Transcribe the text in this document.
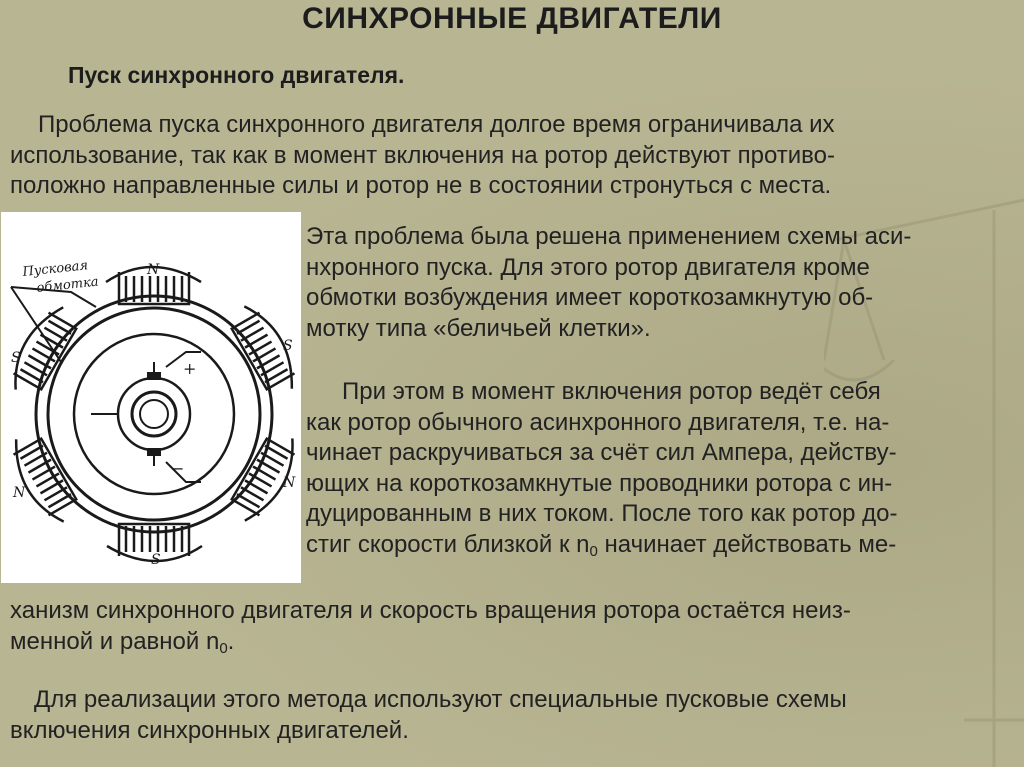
СИНХРОННЫЕ ДВИГАТЕЛИ
Пуск синхронного двигателя.
Проблема пуска синхронного двигателя долгое время ограничивала их
использование, так как в момент включения на ротор действуют противо-
положно направленные силы и ротор не в состоянии стронуться с места.
Пусковая
обмотка
N
S
S
N
N
S
+
−
Эта проблема была решена применением схемы аси-
нхронного пуска. Для этого ротор двигателя кроме
обмотки возбуждения имеет короткозамкнутую об-
мотку типа «беличьей клетки».
При этом в момент включения ротор ведёт себя
как ротор обычного асинхронного двигателя, т.е. на-
чинает раскручиваться за счёт сил Ампера, действу-
ющих на короткозамкнутые проводники ротора с ин-
дуцированным в них током. После того как ротор до-
стиг скорости близкой к $n_0$ начинает действовать ме-
ханизм синхронного двигателя и скорость вращения ротора остаётся неиз-
менной и равной $n_0$.
Для реализации этого метода используют специальные пусковые схемы
включения синхронных двигателей.
